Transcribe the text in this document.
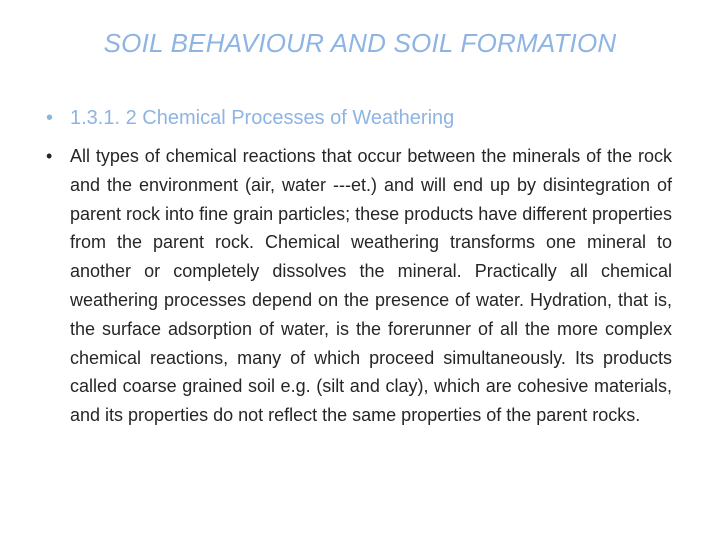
SOIL BEHAVIOUR AND SOIL FORMATION
• 1.3.1. 2 Chemical Processes of Weathering
• All types of chemical reactions that occur between the minerals of the rock and the environment (air, water ---et.) and will end up by disintegration of parent rock into fine grain particles; these products have different properties from the parent rock. Chemical weathering transforms one mineral to another or completely dissolves the mineral. Practically all chemical weathering processes depend on the presence of water. Hydration, that is, the surface adsorption of water, is the forerunner of all the more complex chemical reactions, many of which proceed simultaneously. Its products called coarse grained soil e.g. (silt and clay), which are cohesive materials, and its properties do not reflect the same properties of the parent rocks.
